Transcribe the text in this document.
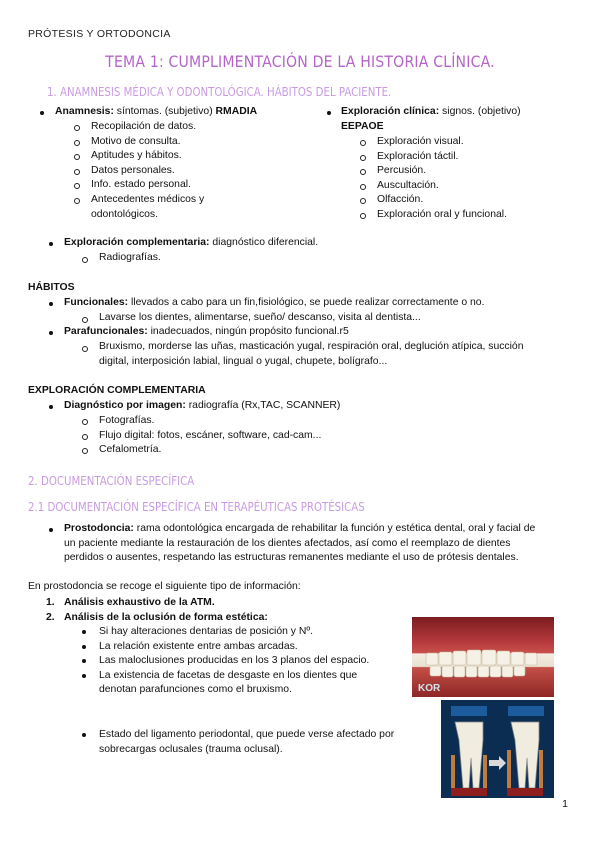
PRÓTESIS Y ORTODONCIA
TEMA 1: CUMPLIMENTACIÓN DE LA HISTORIA CLÍNICA.
1. ANAMNESIS MÉDICA Y ODONTOLÓGICA. HÁBITOS DEL PACIENTE.
Anamnesis: síntomas. (subjetivo) RMADIA
Recopilación de datos.
Motivo de consulta.
Aptitudes y hábitos.
Datos personales.
Info. estado personal.
Antecedentes médicos y
odontológicos.
Exploración clínica: signos. (objetivo)
EEPAOE
Exploración visual.
Exploración táctil.
Percusión.
Auscultación.
Olfacción.
Exploración oral y funcional.
Exploración complementaria: diagnóstico diferencial.
Radiografías.
HÁBITOS
Funcionales: llevados a cabo para un fin,fisiológico, se puede realizar correctamente o no.
Lavarse los dientes, alimentarse, sueño/ descanso, visita al dentista...
Parafuncionales: inadecuados, ningún propósito funcional.r5
Bruxismo, morderse las uñas, masticación yugal, respiración oral, deglución atípica, succión
digital, interposición labial, lingual o yugal, chupete, bolígrafo...
EXPLORACIÓN COMPLEMENTARIA
Diagnóstico por imagen: radiografía (Rx,TAC, SCANNER)
Fotografías.
Flujo digital: fotos, escáner, software, cad-cam...
Cefalometría.
2. DOCUMENTACIÓN ESPECÍFICA
2.1 DOCUMENTACIÓN ESPECÍFICA EN TERAPÉUTICAS PROTÉSICAS
Prostodoncia: rama odontológica encargada de rehabilitar la función y estética dental, oral y facial de
un paciente mediante la restauración de los dientes afectados, así como el reemplazo de dientes
perdidos o ausentes, respetando las estructuras remanentes mediante el uso de prótesis dentales.
En prostodoncia se recoge el siguiente tipo de información:
1. Análisis exhaustivo de la ATM.
2. Análisis de la oclusión de forma estética:
Si hay alteraciones dentarias de posición y Nº.
La relación existente entre ambas arcadas.
Las maloclusiones producidas en los 3 planos del espacio.
La existencia de facetas de desgaste en los dientes que
denotan parafunciones como el bruxismo.
Estado del ligamento periodontal, que puede verse afectado por
sobrecargas oclusales (trauma oclusal).
KOR
1
